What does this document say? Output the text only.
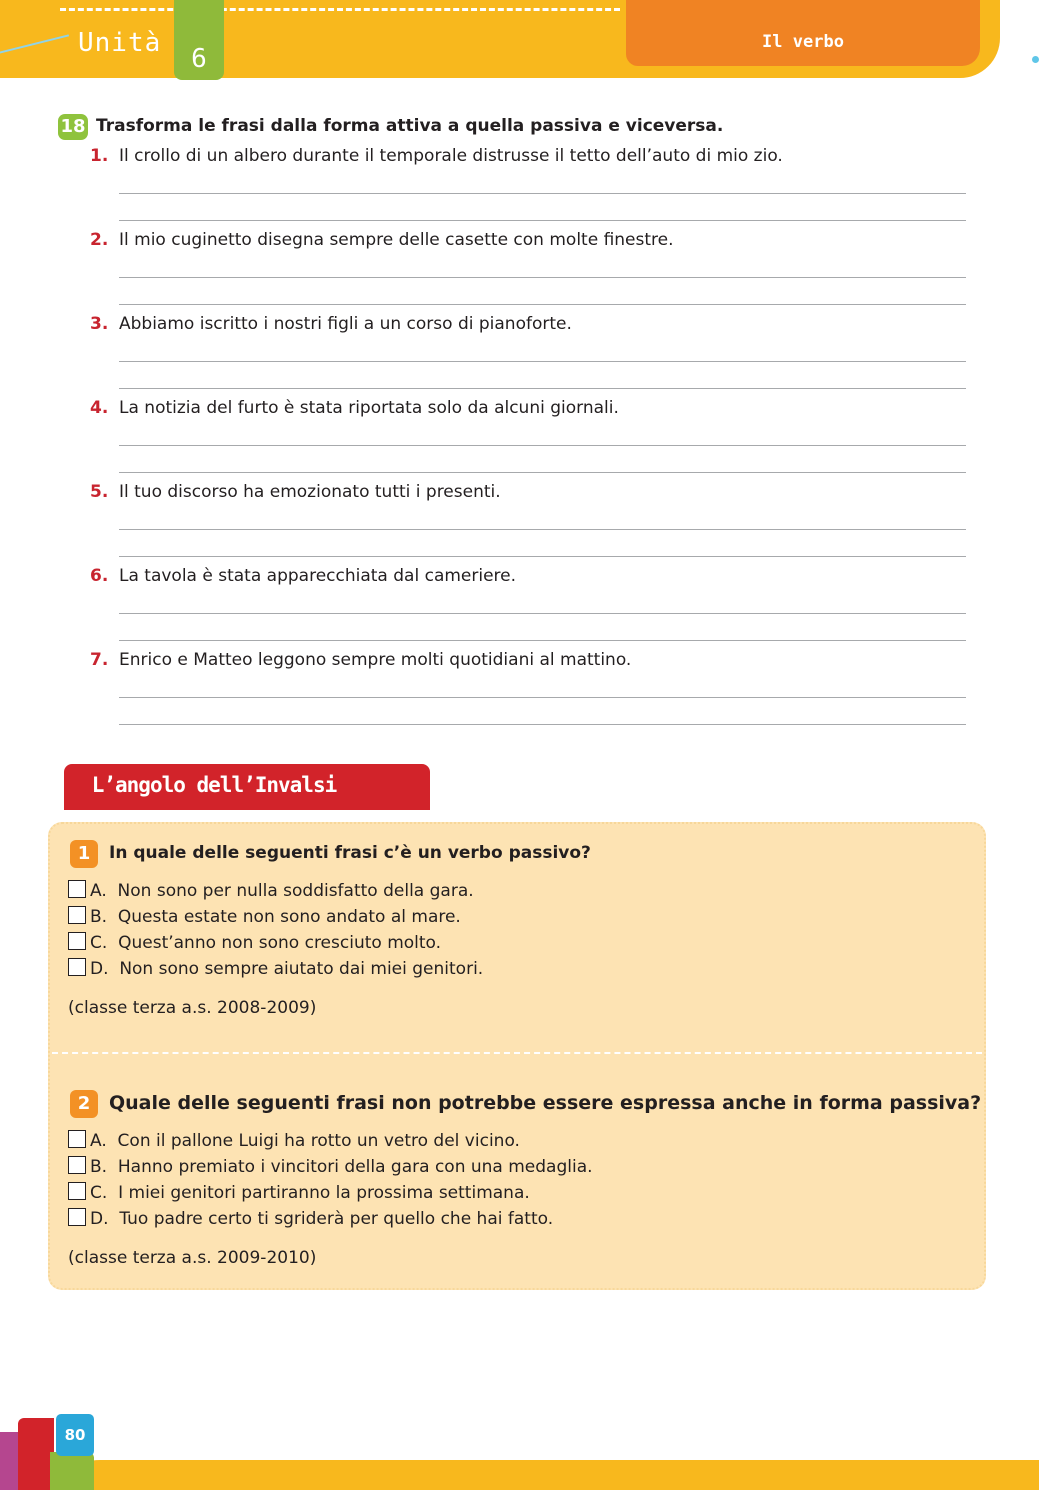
Unità
6
Il verbo
18 Trasforma le frasi dalla forma attiva a quella passiva e viceversa.
1. Il crollo di un albero durante il temporale distrusse il tetto dell’auto di mio zio.
2. Il mio cuginetto disegna sempre delle casette con molte finestre.
3. Abbiamo iscritto i nostri figli a un corso di pianoforte.
4. La notizia del furto è stata riportata solo da alcuni giornali.
5. Il tuo discorso ha emozionato tutti i presenti.
6. La tavola è stata apparecchiata dal cameriere.
7. Enrico e Matteo leggono sempre molti quotidiani al mattino.
L’angolo dell’Invalsi
1	In quale delle seguenti frasi c’è un verbo passivo?
A. Non sono per nulla soddisfatto della gara.
B. Questa estate non sono andato al mare.
C. Quest’anno non sono cresciuto molto.
D. Non sono sempre aiutato dai miei genitori.
(classe terza a.s. 2008-2009)
2 Quale delle seguenti frasi non potrebbe essere espressa anche in forma passiva?
A. Con il pallone Luigi ha rotto un vetro del vicino.
B. Hanno premiato i vincitori della gara con una medaglia.
C. I miei genitori partiranno la prossima settimana.
D. Tuo padre certo ti sgriderà per quello che hai fatto.
(classe terza a.s. 2009-2010)
80
